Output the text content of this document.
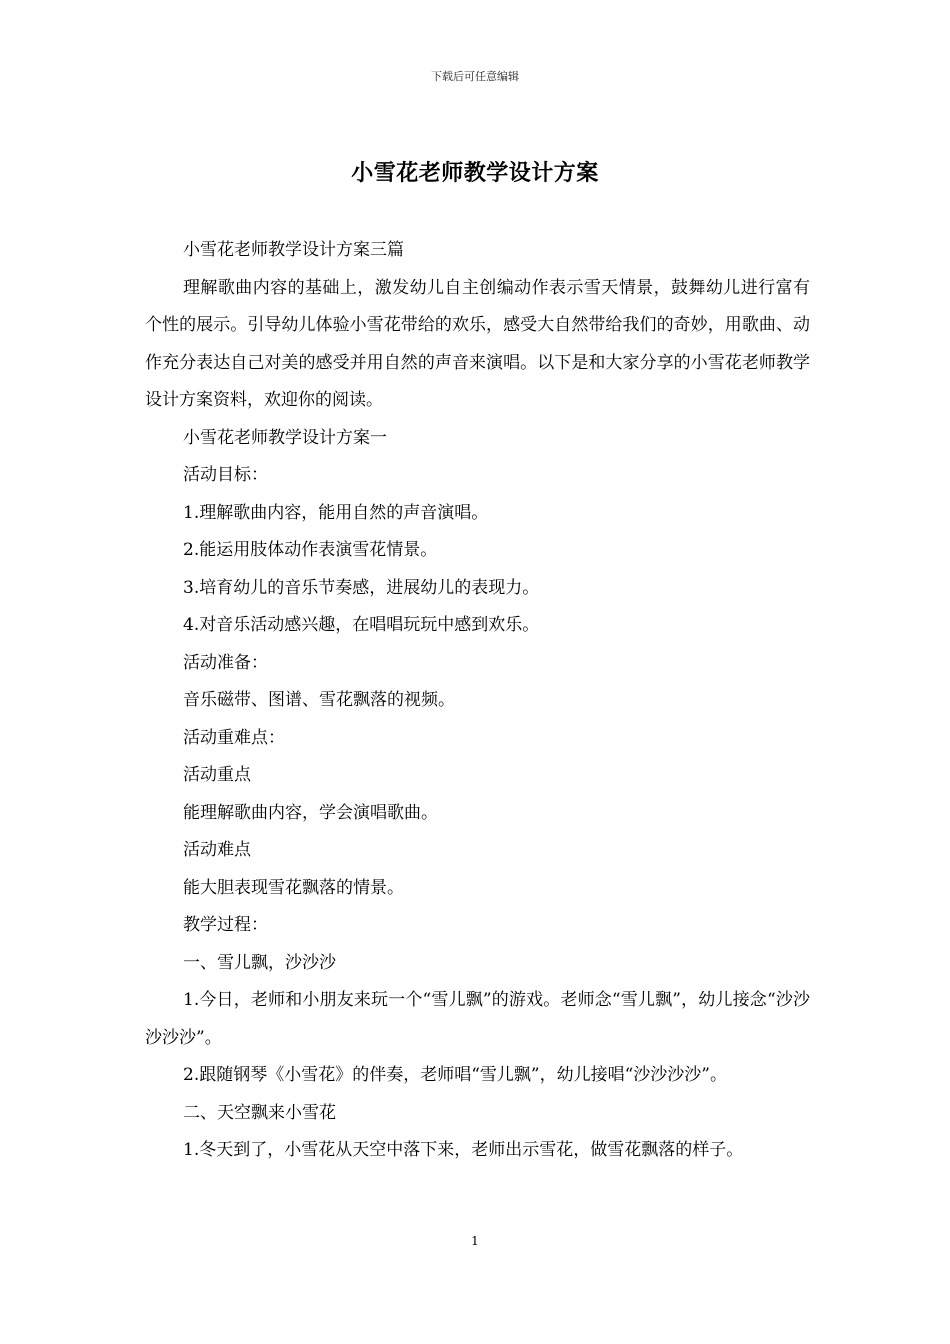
下载后可任意编辑
小雪花老师教学设计方案

小雪花老师教学设计方案三篇

理解歌曲内容的基础上，激发幼儿自主创编动作表示雪天情景，鼓舞幼儿进行富有个性的展示。引导幼儿体验小雪花带给的欢乐，感受大自然带给我们的奇妙，用歌曲、动作充分表达自己对美的感受并用自然的声音来演唱。以下是和大家分享的小雪花老师教学设计方案资料，欢迎你的阅读。

小雪花老师教学设计方案一

活动目标：

1.理解歌曲内容，能用自然的声音演唱。

2.能运用肢体动作表演雪花情景。

3.培育幼儿的音乐节奏感，进展幼儿的表现力。

4.对音乐活动感兴趣，在唱唱玩玩中感到欢乐。

活动准备：

音乐磁带、图谱、雪花飘落的视频。

活动重难点：

活动重点

能理解歌曲内容，学会演唱歌曲。

活动难点

能大胆表现雪花飘落的情景。

教学过程：

一、雪儿飘，沙沙沙

1.今日，老师和小朋友来玩一个“雪儿飘”的游戏。老师念“雪儿飘”，幼儿接念“沙沙沙沙沙”。

2.跟随钢琴《小雪花》的伴奏，老师唱“雪儿飘”，幼儿接唱“沙沙沙沙”。

二、天空飘来小雪花

1.冬天到了，小雪花从天空中落下来，老师出示雪花，做雪花飘落的样子。

1
